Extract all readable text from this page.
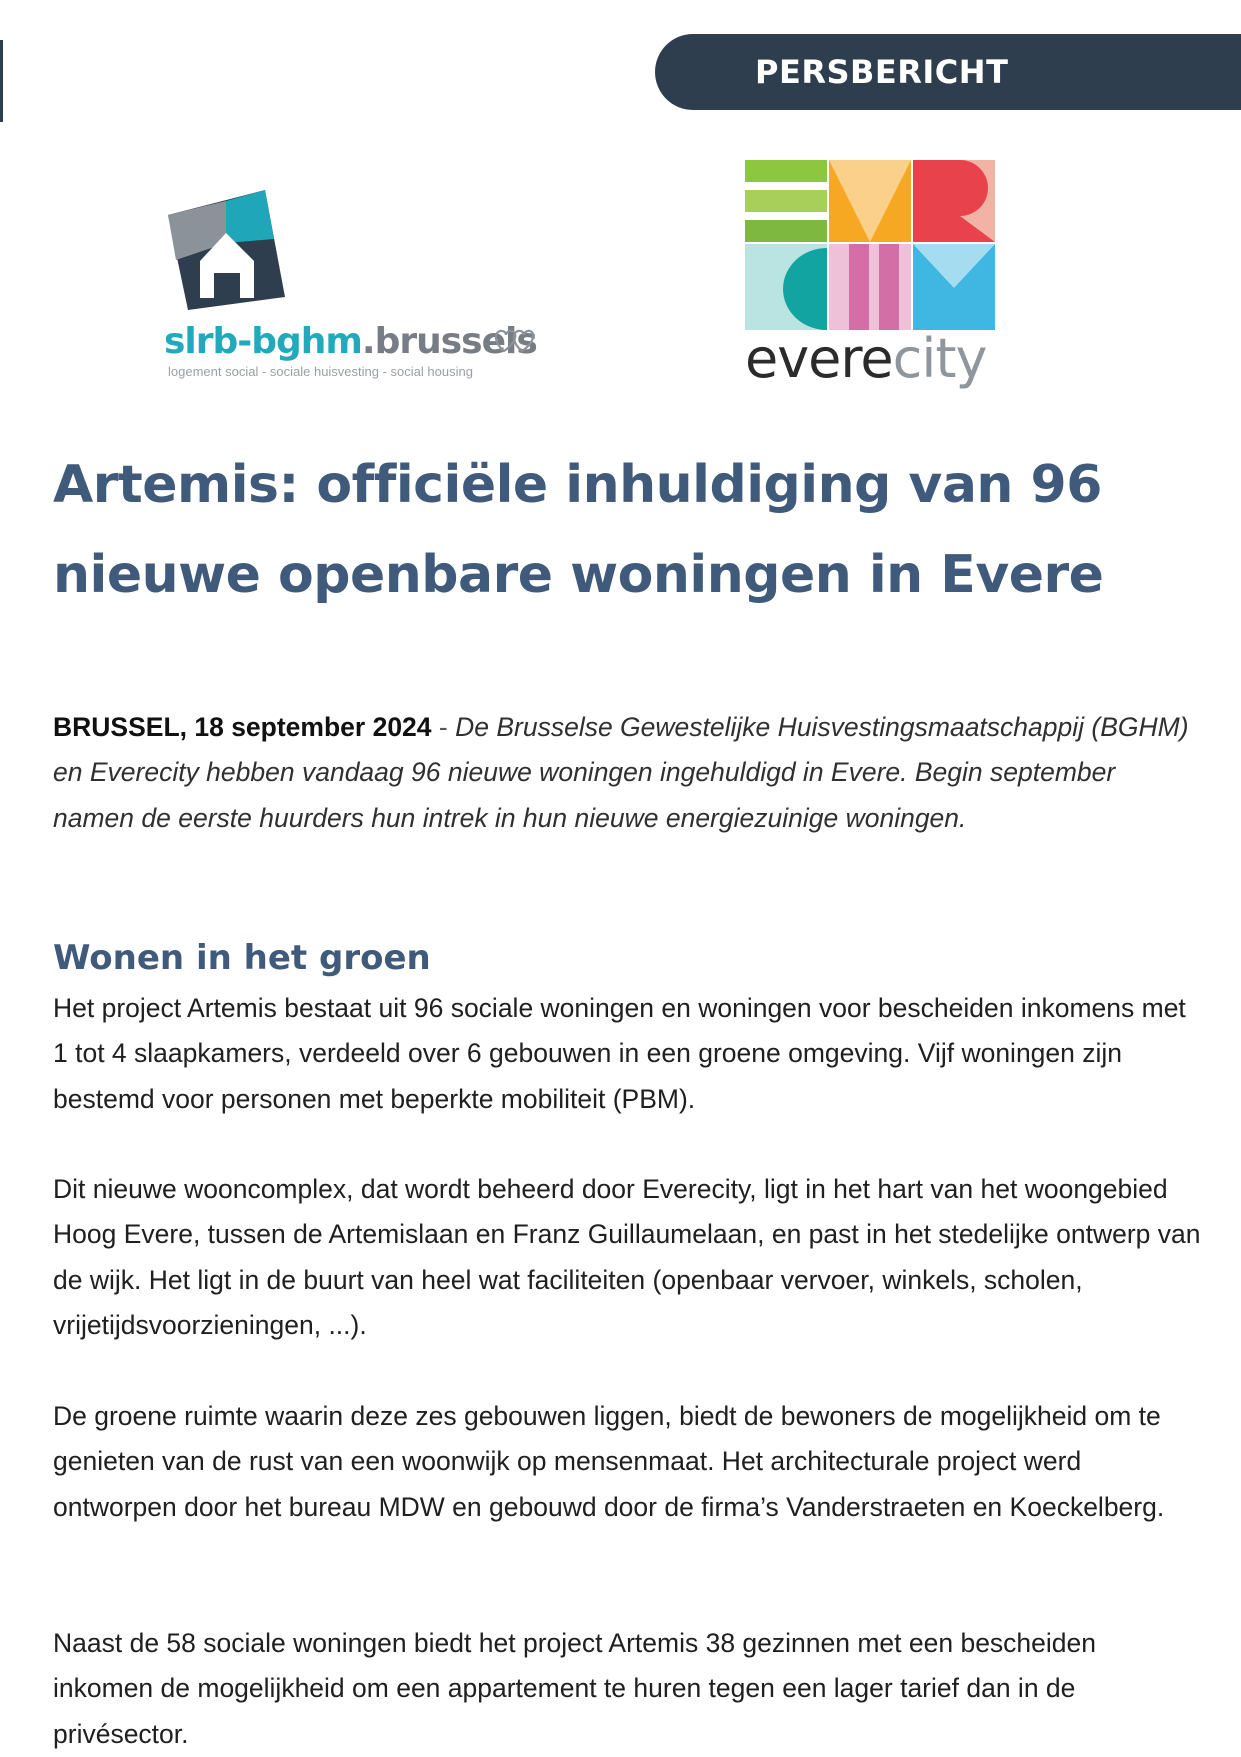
PERSBERICHT
slrb-bghm.brussels
logement social - sociale huisvesting - social housing	everecity
Artemis: officiële inhuldiging van 96
nieuwe openbare woningen in Evere
BRUSSEL, 18 september 2024 - De Brusselse Gewestelijke Huisvestingsmaatschappij (BGHM) en Everecity hebben vandaag 96 nieuwe woningen ingehuldigd in Evere. Begin september namen de eerste huurders hun intrek in hun nieuwe energiezuinige woningen.
Wonen in het groen

Het project Artemis bestaat uit 96 sociale woningen en woningen voor bescheiden inkomens met 1 tot 4 slaapkamers, verdeeld over 6 gebouwen in een groene omgeving. Vijf woningen zijn bestemd voor personen met beperkte mobiliteit (PBM).

Dit nieuwe wooncomplex, dat wordt beheerd door Everecity, ligt in het hart van het woongebied Hoog Evere, tussen de Artemislaan en Franz Guillaumelaan, en past in het stedelijke ontwerp van de wijk. Het ligt in de buurt van heel wat faciliteiten (openbaar vervoer, winkels, scholen, vrijetijdsvoorzieningen, ...).

De groene ruimte waarin deze zes gebouwen liggen, biedt de bewoners de mogelijkheid om te genieten van de rust van een woonwijk op mensenmaat. Het architecturale project werd ontworpen door het bureau MDW en gebouwd door de firma’s Vanderstraeten en Koeckelberg.

Naast de 58 sociale woningen biedt het project Artemis 38 gezinnen met een bescheiden inkomen de mogelijkheid om een appartement te huren tegen een lager tarief dan in de privésector.
